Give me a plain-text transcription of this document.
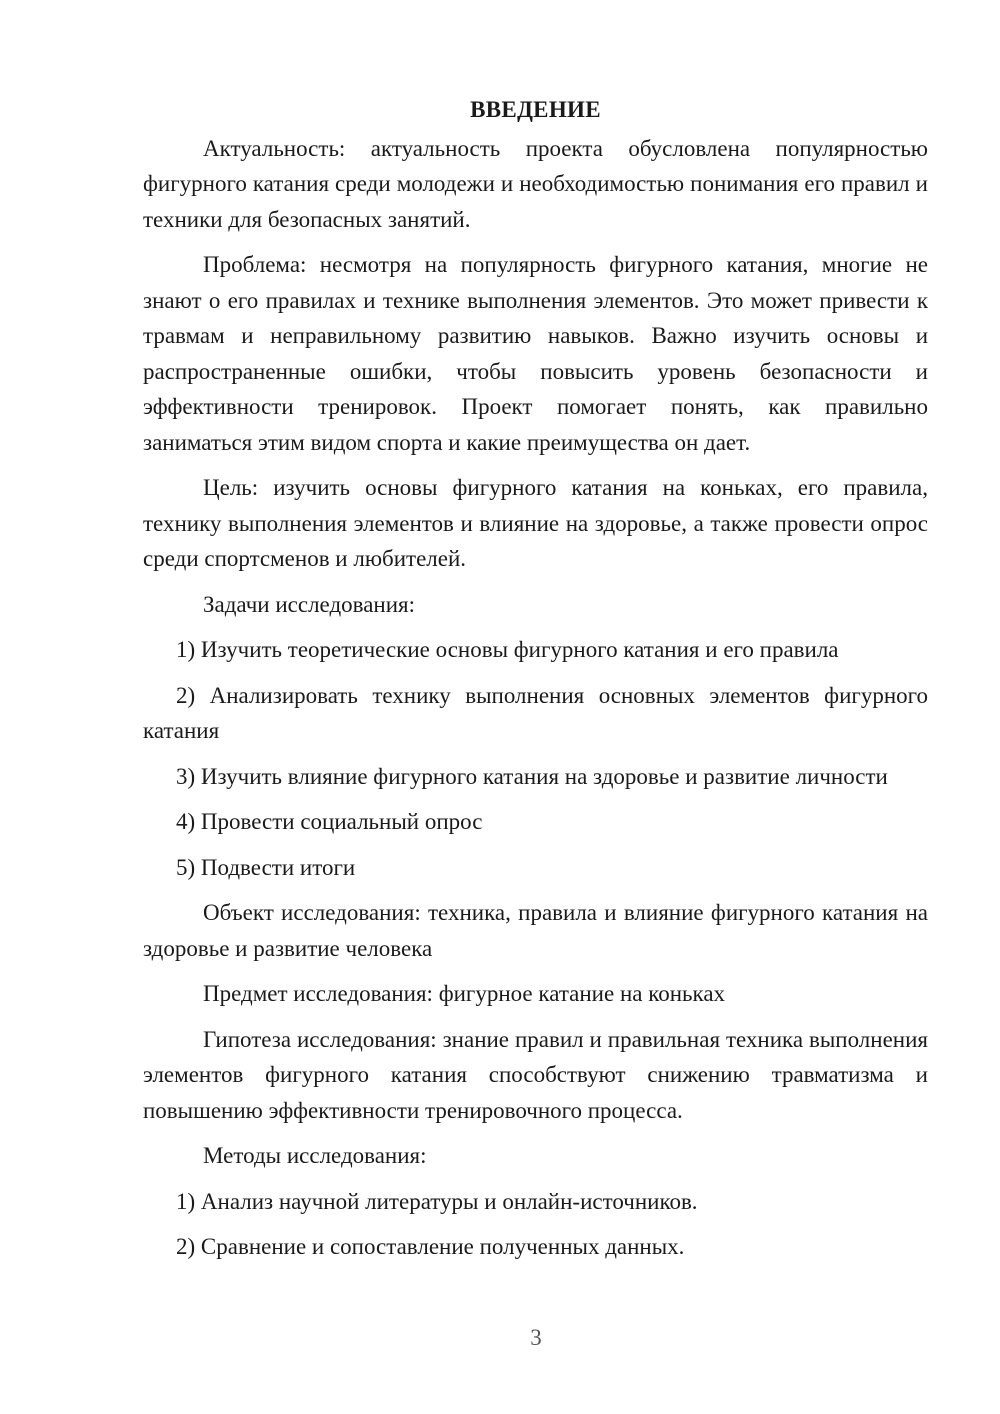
ВВЕДЕНИЕ

Актуальность: актуальность проекта обусловлена популярностью фигурного катания среди молодежи и необходимостью понимания его правил и техники для безопасных занятий.

Проблема: несмотря на популярность фигурного катания, многие не знают о его правилах и технике выполнения элементов. Это может привести к травмам и неправильному развитию навыков. Важно изучить основы и распространенные ошибки, чтобы повысить уровень безопасности и эффективности тренировок. Проект помогает понять, как правильно заниматься этим видом спорта и какие преимущества он дает.

Цель: изучить основы фигурного катания на коньках, его правила, технику выполнения элементов и влияние на здоровье, а также провести опрос среди спортсменов и любителей.

Задачи исследования:

1) Изучить теоретические основы фигурного катания и его правила

2) Анализировать технику выполнения основных элементов фигурного катания

3) Изучить влияние фигурного катания на здоровье и развитие личности

4) Провести социальный опрос

5) Подвести итоги

Объект исследования: техника, правила и влияние фигурного катания на здоровье и развитие человека

Предмет исследования: фигурное катание на коньках

Гипотеза исследования: знание правил и правильная техника выполнения элементов фигурного катания способствуют снижению травматизма и повышению эффективности тренировочного процесса.

Методы исследования:

1) Анализ научной литературы и онлайн-источников.

2) Сравнение и сопоставление полученных данных.

3
